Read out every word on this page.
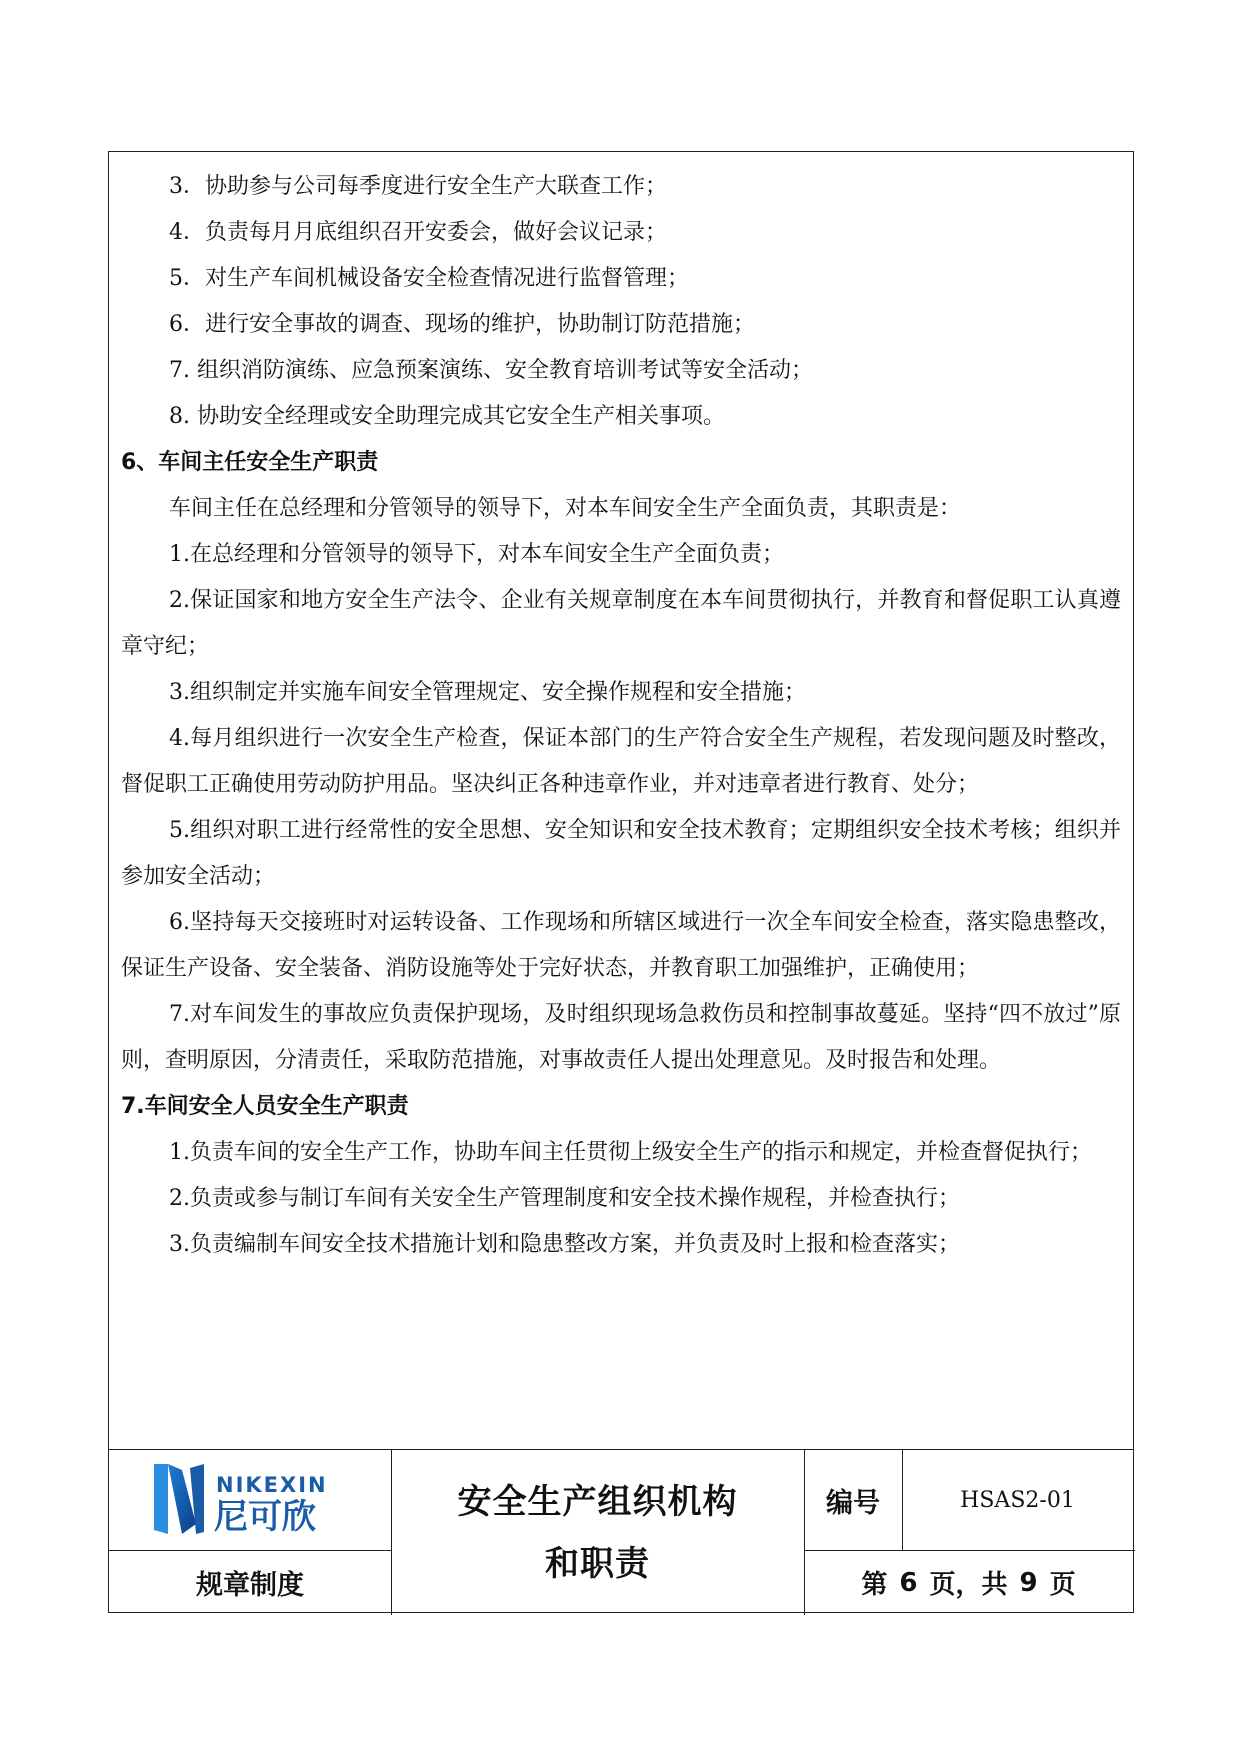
3．协助参与公司每季度进行安全生产大联查工作；
4．负责每月月底组织召开安委会，做好会议记录；
5．对生产车间机械设备安全检查情况进行监督管理；
6．进行安全事故的调查、现场的维护，协助制订防范措施；
7. 组织消防演练、应急预案演练、安全教育培训考试等安全活动；
8. 协助安全经理或安全助理完成其它安全生产相关事项。
6、车间主任安全生产职责
车间主任在总经理和分管领导的领导下，对本车间安全生产全面负责，其职责是：
1.在总经理和分管领导的领导下，对本车间安全生产全面负责；
2.保证国家和地方安全生产法令、企业有关规章制度在本车间贯彻执行，并教育和督促职工认真遵章守纪；
3.组织制定并实施车间安全管理规定、安全操作规程和安全措施；
4.每月组织进行一次安全生产检查，保证本部门的生产符合安全生产规程，若发现问题及时整改，督促职工正确使用劳动防护用品。坚决纠正各种违章作业，并对违章者进行教育、处分；
5.组织对职工进行经常性的安全思想、安全知识和安全技术教育；定期组织安全技术考核；组织并参加安全活动；
6.坚持每天交接班时对运转设备、工作现场和所辖区域进行一次全车间安全检查，落实隐患整改，保证生产设备、安全装备、消防设施等处于完好状态，并教育职工加强维护，正确使用；
7.对车间发生的事故应负责保护现场，及时组织现场急救伤员和控制事故蔓延。坚持“四不放过”原则，查明原因，分清责任，采取防范措施，对事故责任人提出处理意见。及时报告和处理。
7.车间安全人员安全生产职责
1.负责车间的安全生产工作，协助车间主任贯彻上级安全生产的指示和规定，并检查督促执行；
2.负责或参与制订车间有关安全生产管理制度和安全技术操作规程，并检查执行；
3.负责编制车间安全技术措施计划和隐患整改方案，并负责及时上报和检查落实；
NIKEXIN
尼可欣
规章制度
安全生产组织机构
和职责
编号	HSAS2-01
第 6 页，共 9 页
